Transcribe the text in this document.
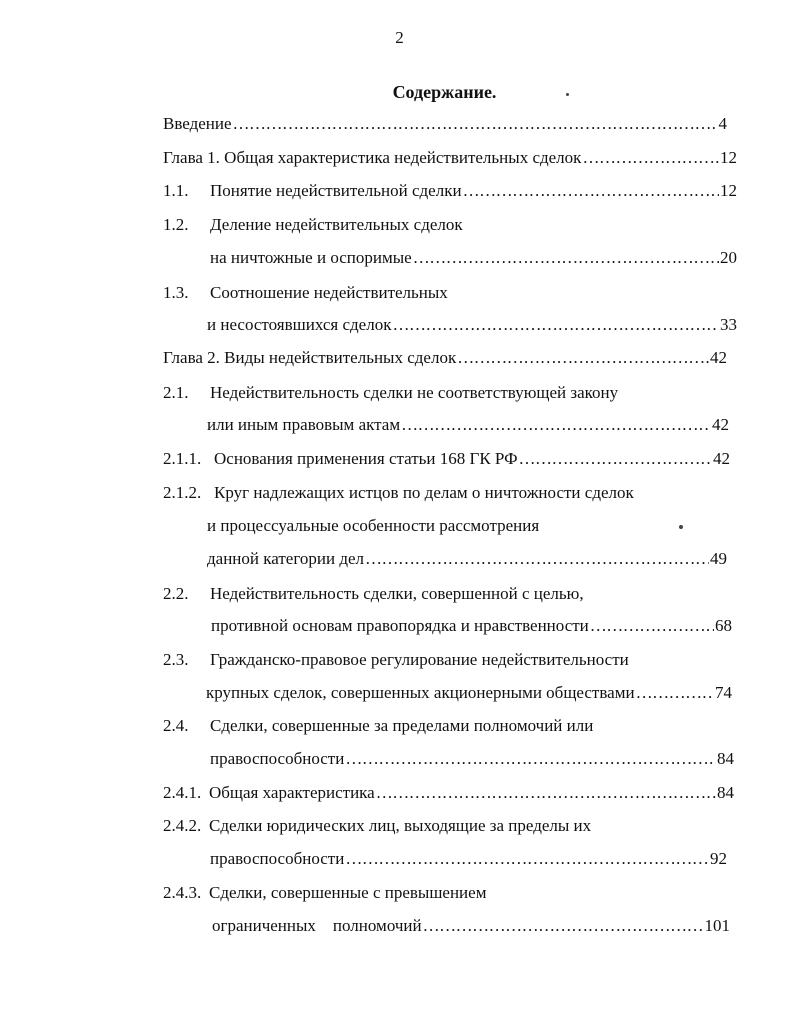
2
Содержание.
Введение ……………………………………………………………………………………………………………………………………………………………………………………	4
Глава 1. Общая характеристика недействительных сделок ……………………………………………………………………………………………………………………………………………………………………………………	12
1.1.	Понятие недействительной сделки ……………………………………………………………………………………………………………………………………………………………………………………	12
1.2.	Деление недействительных сделок
на ничтожные и оспоримые ……………………………………………………………………………………………………………………………………………………………………………………	20
1.3.	Соотношение недействительных
и несостоявшихся сделок ……………………………………………………………………………………………………………………………………………………………………………………	33
Глава 2. Виды недействительных сделок ……………………………………………………………………………………………………………………………………………………………………………………	42
2.1.	Недействительность сделки не соответствующей закону
или иным правовым актам ……………………………………………………………………………………………………………………………………………………………………………………	42
2.1.1. Основания применения статьи 168 ГК РФ ……………………………………………………………………………………………………………………………………………………………………………………	42
2.1.2. Круг надлежащих истцов по делам о ничтожности сделок
и процессуальные особенности рассмотрения
данной категории дел ……………………………………………………………………………………………………………………………………………………………………………………	49
2.2.	Недействительность сделки, совершенной с целью,
противной основам правопорядка и нравственности ……………………………………………………………………………………………………………………………………………………………………………………	68
2.3.	Гражданско-правовое регулирование недействительности
крупных сделок, совершенных акционерными обществами ……………………………………………………………………………………………………………………………………………………………………………………	74
2.4.	Сделки, совершенные за пределами полномочий или
правоспособности ……………………………………………………………………………………………………………………………………………………………………………………	84
2.4.1. Общая характеристика ……………………………………………………………………………………………………………………………………………………………………………………	84
2.4.2. Сделки юридических лиц, выходящие за пределы их
правоспособности ……………………………………………………………………………………………………………………………………………………………………………………	92
2.4.3. Сделки, совершенные с превышением
ограниченных    полномочий ……………………………………………………………………………………………………………………………………………………………………………………	101
